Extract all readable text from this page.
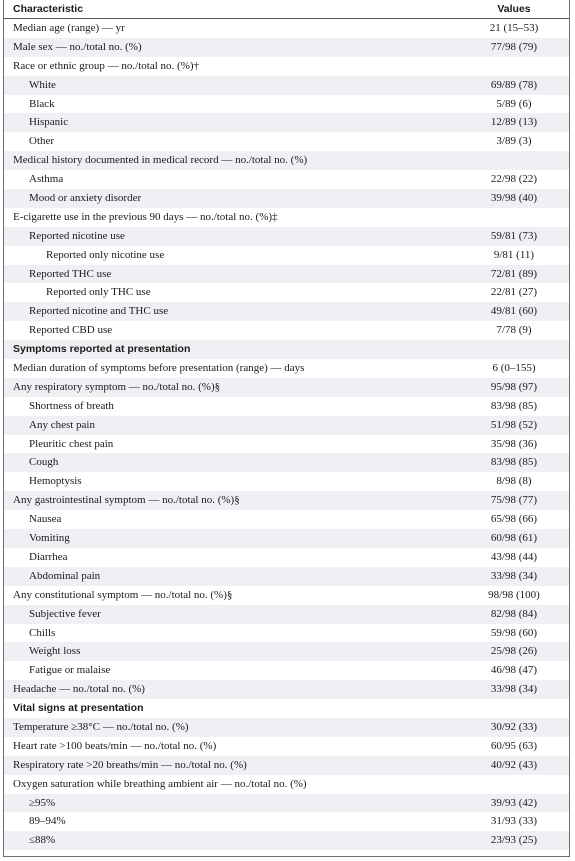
Characteristic	Values
Median age (range) — yr	21 (15–53)
Male sex — no./total no. (%)	77/98 (79)
Race or ethnic group — no./total no. (%)†
White	69/89 (78)
Black	5/89 (6)
Hispanic	12/89 (13)
Other	3/89 (3)
Medical history documented in medical record — no./total no. (%)
Asthma	22/98 (22)
Mood or anxiety disorder	39/98 (40)
E-cigarette use in the previous 90 days — no./total no. (%)‡
Reported nicotine use	59/81 (73)
Reported only nicotine use	9/81 (11)
Reported THC use	72/81 (89)
Reported only THC use	22/81 (27)
Reported nicotine and THC use	49/81 (60)
Reported CBD use	7/78 (9)
Symptoms reported at presentation
Median duration of symptoms before presentation (range) — days	6 (0–155)
Any respiratory symptom — no./total no. (%)§	95/98 (97)
Shortness of breath	83/98 (85)
Any chest pain	51/98 (52)
Pleuritic chest pain	35/98 (36)
Cough	83/98 (85)
Hemoptysis	8/98 (8)
Any gastrointestinal symptom — no./total no. (%)§	75/98 (77)
Nausea	65/98 (66)
Vomiting	60/98 (61)
Diarrhea	43/98 (44)
Abdominal pain	33/98 (34)
Any constitutional symptom — no./total no. (%)§	98/98 (100)
Subjective fever	82/98 (84)
Chills	59/98 (60)
Weight loss	25/98 (26)
Fatigue or malaise	46/98 (47)
Headache — no./total no. (%)	33/98 (34)
Vital signs at presentation
Temperature ≥38°C — no./total no. (%)	30/92 (33)
Heart rate >100 beats/min — no./total no. (%)	60/95 (63)
Respiratory rate >20 breaths/min — no./total no. (%)	40/92 (43)
Oxygen saturation while breathing ambient air — no./total no. (%)
≥95%	39/93 (42)
89–94%	31/93 (33)
≤88%	23/93 (25)
